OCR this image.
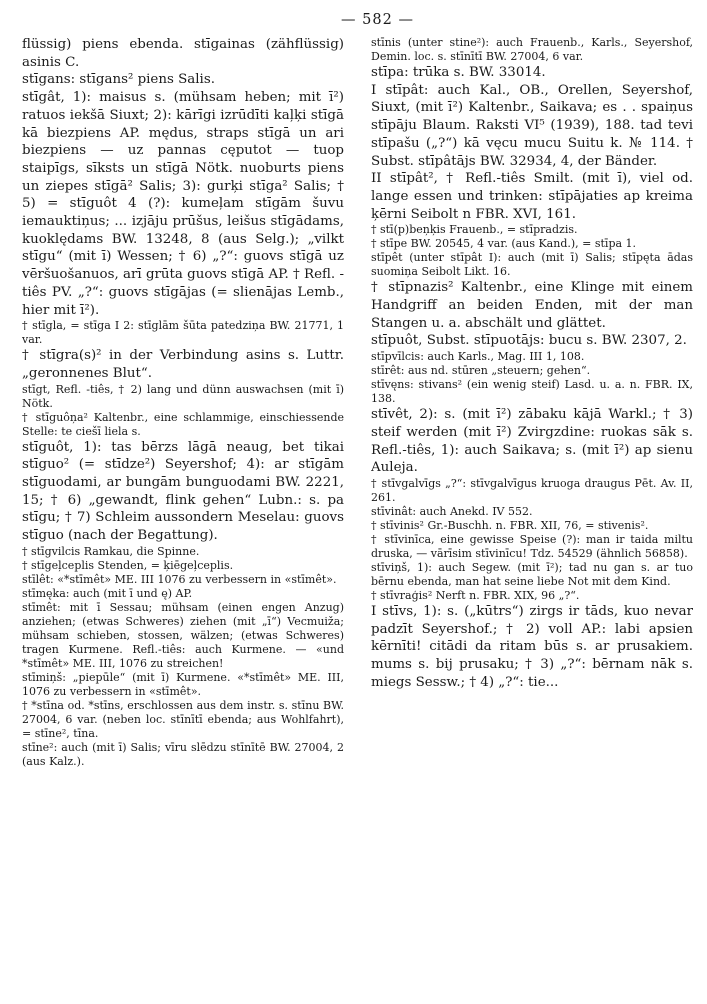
— 582 —

flüssig) piens ebenda. stīgainas (zähflüssig) asinis C.

stīgans: stīgans² piens Salis.

stīgât, 1): maisus s. (mühsam heben; mit ī²) ratuos iekšā Siuxt; 2): kārīgi izrūdīti kaļķi stīgā kā biezpiens AP. mędus, straps stīgā un ari biezpiens — uz pannas cęputot — tuop staipīgs, sīksts un stīgā Nötk. nuoburts piens un ziepes stīgā² Salis; 3): gurķi stīga² Salis; † 5) = stīguôt 4 (?): kumeļam stīgām šuvu iemauktiņus; ... izjāju prūšus, leišus stīgādams, kuoklędams BW. 13248, 8 (aus Selg.); „vilkt stīgu“ (mit ī) Wessen; † 6) „?“: guovs stīgā uz vēršuošanuos, arī grūta guovs stīgā AP. † Refl. -tiês PV. „?“: guovs stīgājas (= slienājas Lemb., hier mit ī²).

† stīgla, = stīga I 2: stīglām šūta patedziņa BW. 21771, 1 var.

† stīgra(s)² in der Verbindung asins s. Luttr. „geronnenes Blut“.

stīgt, Refl. -tiês, † 2) lang und dünn auswachsen (mit ī) Nötk.

† stīguôņa² Kaltenbr., eine schlammige, einschiessende Stelle: te ciešī liela s.

stīguôt, 1): tas bērzs lāgā neaug, bet tikai stīguo² (= stīdze²) Seyershof; 4): ar stīgām stīguodami, ar bungām bunguodami BW. 2221, 15; † 6) „gewandt, flink gehen“ Lubn.: s. pa stīgu; † 7) Schleim aussondern Meselau: guovs stīguo (nach der Begattung).

† stīgvilcis Ramkau, die Spinne.

† stīgeļceplis Stenden, = ķiēgeļceplis.

stīlêt: «*stīmêt» ME. III 1076 zu verbessern in «stīmêt».

stīmęka: auch (mit ī und ę) AP.

stīmêt: mit ī Sessau; mühsam (einen engen Anzug) anziehen; (etwas Schweres) ziehen (mit „ī“) Vecmuiža; mühsam schieben, stossen, wälzen; (etwas Schweres) tragen Kurmene. Refl.-tiês: auch Kurmene. — «und *stīmêt» ME. III, 1076 zu streichen!

stīmiņš: „piepūle“ (mit ī) Kurmene. «*stīmêt» ME. III, 1076 zu verbessern in «stīmêt».

† *stīna od. *stīns, erschlossen aus dem instr. s. stīnu BW. 27004, 6 var. (neben loc. stīnītī ebenda; aus Wohlfahrt), = stīne², tīna.

stīne²: auch (mit ī) Salis; vīru slēdzu stīnītē BW. 27004, 2 (aus Kalz.).

stīnis (unter stine²): auch Frauenb., Karls., Seyershof, Demin. loc. s. stīnītī BW. 27004, 6 var.

stīpa: trūka s. BW. 33014.

I stīpât: auch Kal., OB., Orellen, Seyershof, Siuxt, (mit ī²) Kaltenbr., Saikava; es . . spaiņus stīpāju Blaum. Raksti VI⁵ (1939), 188. tad tevi stīpašu („?“) kā vęcu mucu Suitu k. № 114. † Subst. stīpâtājs BW. 32934, 4, der Bänder.

II stīpât², † Refl.-tiês Smilt. (mit ī), viel od. lange essen und trinken: stīpājaties ap kreima ķērni Seibolt n FBR. XVI, 161.

† stī(p)beņķis Frauenb., = stīpradzis.

† stīpe BW. 20545, 4 var. (aus Kand.), = stīpa 1.

stīpêt (unter stīpât I): auch (mit ī) Salis; stīpęta ādas suomiņa Seibolt Likt. 16.

† stīpnazis² Kaltenbr., eine Klinge mit einem Handgriff an beiden Enden, mit der man Stangen u. a. abschält und glättet.

stīpuôt, Subst. stīpuotājs: bucu s. BW. 2307, 2.

stīpvīlcis: auch Karls., Mag. III 1, 108.

stīrêt: aus nd. stūren „steuern; gehen“.

stīvęns: stivans² (ein wenig steif) Lasd. u. a. n. FBR. IX, 138.

stīvêt, 2): s. (mit ī²) zābaku kājā Warkl.; † 3) steif werden (mit ī²) Zvirgzdine: ruokas sāk s. Refl.-tiês, 1): auch Saikava; s. (mit ī²) ap sienu Auleja.

† stīvgalvīgs „?“: stīvgalvīgus kruoga draugus Pēt. Av. II, 261.

stīvinât: auch Anekd. IV 552.

† stīvinis² Gr.-Buschh. n. FBR. XII, 76, = stivenis².

† stīvinīca, eine gewisse Speise (?): man ir taida miltu druska, — vārīsim stīvinīcu! Tdz. 54529 (ähnlich 56858).

stīviņš, 1): auch Segew. (mit ī²); tad nu gan s. ar tuo bērnu ebenda, man hat seine liebe Not mit dem Kind.

† stīvraģis² Nerft n. FBR. XIX, 96 „?“.

I stīvs, 1): s. („kūtrs“) zirgs ir tāds, kuo nevar padzīt Seyershof.; † 2) voll AP.: labi apsien kērnīti! citādi da ritam būs s. ar prusakiem. mums s. bij prusaku; † 3) „?“: bērnam nāk s. miegs Sessw.; † 4) „?“: tie...
